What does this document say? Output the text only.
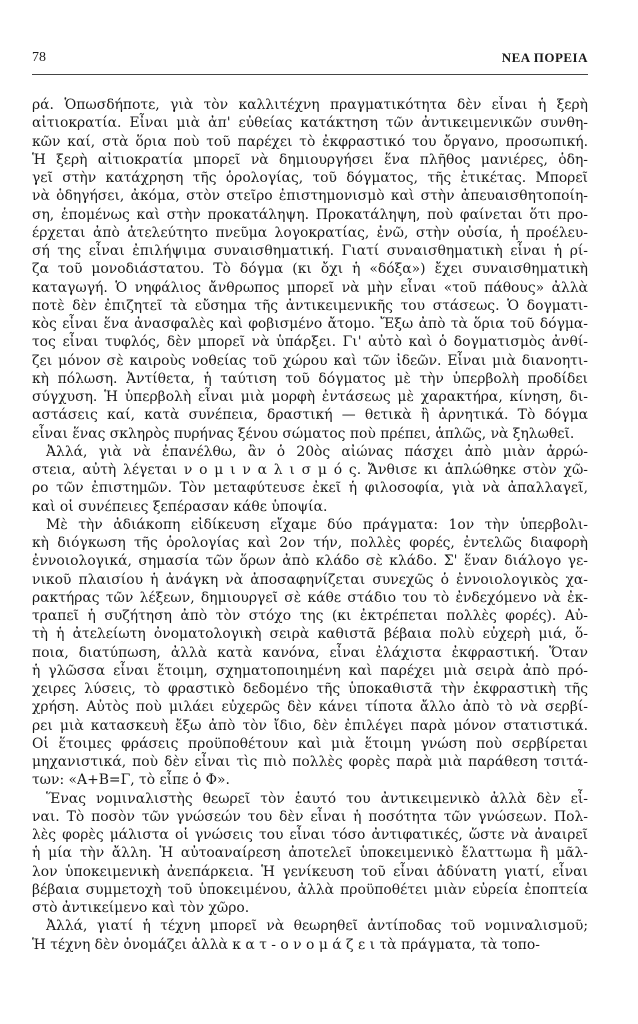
78	ΝΕΑ ΠΟΡΕΙΑ
ρά. Ὁπωσδήποτε, γιὰ τὸν καλλιτέχνη πραγματικότητα δὲν εἶναι ἡ ξερὴ
αἰτιοκρατία. Εἶναι μιὰ ἀπ' εὐθείας κατάκτηση τῶν ἀντικειμενικῶν συνθη-
κῶν καί, στὰ ὅρια ποὺ τοῦ παρέχει τὸ ἐκφραστικό του ὄργανο, προσωπική.
Ἡ ξερὴ αἰτιοκρατία μπορεῖ νὰ δημιουργήσει ἕνα πλῆθος μανιέρες, ὁδη-
γεῖ στὴν κατάχρηση τῆς ὁρολογίας, τοῦ δόγματος, τῆς ἐτικέτας. Μπορεῖ
νὰ ὁδηγήσει, ἀκόμα, στὸν στεῖρο ἐπιστημονισμὸ καὶ στὴν ἀπευαισθητοποίη-
ση, ἑπομένως καὶ στὴν προκατάληψη. Προκατάληψη, ποὺ φαίνεται ὅτι προ-
έρχεται ἀπὸ ἀτελεύτητο πνεῦμα λογοκρατίας, ἐνῶ, στὴν οὐσία, ἡ προέλευ-
σή της εἶναι ἐπιλήψιμα συναισθηματική. Γιατί συναισθηματικὴ εἶναι ἡ ρί-
ζα τοῦ μονοδιάστατου. Τὸ δόγμα (κι ὄχι ἡ «δόξα») ἔχει συναισθηματικὴ
καταγωγή. Ὁ νηφάλιος ἄνθρωπος μπορεῖ νὰ μὴν εἶναι «τοῦ πάθους» ἀλλὰ
ποτὲ δὲν ἐπιζητεῖ τὰ εὔσημα τῆς ἀντικειμενικῆς του στάσεως. Ὁ δογματι-
κὸς εἶναι ἕνα ἀνασφαλὲς καὶ φοβισμένο ἄτομο. Ἔξω ἀπὸ τὰ ὅρια τοῦ δόγμα-
τος εἶναι τυφλός, δὲν μπορεῖ νὰ ὑπάρξει. Γι' αὐτὸ καὶ ὁ δογματισμὸς ἀνθί-
ζει μόνον σὲ καιροὺς νοθείας τοῦ χώρου καὶ τῶν ἰδεῶν. Εἶναι μιὰ διανοητι-
κὴ πόλωση. Ἀντίθετα, ἡ ταύτιση τοῦ δόγματος μὲ τὴν ὑπερβολὴ προδίδει
σύγχυση. Ἡ ὑπερβολὴ εἶναι μιὰ μορφὴ ἐντάσεως μὲ χαρακτήρα, κίνηση, δι-
αστάσεις καί, κατὰ συνέπεια, δραστική — θετικὰ ἢ ἀρνητικά. Τὸ δόγμα
εἶναι ἕνας σκληρὸς πυρήνας ξένου σώματος ποὺ πρέπει, ἁπλῶς, νὰ ξηλωθεῖ.
Ἀλλά, γιὰ νὰ ἐπανέλθω, ἂν ὁ 20ὸς αἰώνας πάσχει ἀπὸ μιὰν ἀρρώ-
στεια, αὐτὴ λέγεται ν ο μ ι ν α λ ι σ μ ό ς. Ἄνθισε κι ἁπλώθηκε στὸν χῶ-
ρο τῶν ἐπιστημῶν. Τὸν μεταφύτευσε ἐκεῖ ἡ φιλοσοφία, γιὰ νὰ ἀπαλλαγεῖ,
καὶ οἱ συνέπειες ξεπέρασαν κάθε ὑποψία.
Μὲ τὴν ἀδιάκοπη εἰδίκευση εἴχαμε δύο πράγματα: 1ον τὴν ὑπερβολι-
κὴ διόγκωση τῆς ὁρολογίας καὶ 2ον τήν, πολλὲς φορές, ἐντελῶς διαφορὴ
ἐννοιολογικά, σημασία τῶν ὅρων ἀπὸ κλάδο σὲ κλάδο. Σ' ἕναν διάλογο γε-
νικοῦ πλαισίου ἡ ἀνάγκη νὰ ἀποσαφηνίζεται συνεχῶς ὁ ἐννοιολογικὸς χα-
ρακτήρας τῶν λέξεων, δημιουργεῖ σὲ κάθε στάδιο του τὸ ἐνδεχόμενο νὰ ἐκ-
τραπεῖ ἡ συζήτηση ἀπὸ τὸν στόχο της (κι ἐκτρέπεται πολλὲς φορές). Αὐ-
τὴ ἡ ἀτελείωτη ὀνοματολογικὴ σειρὰ καθιστᾶ βέβαια πολὺ εὐχερὴ μιά, ὅ-
ποια, διατύπωση, ἀλλὰ κατὰ κανόνα, εἶναι ἐλάχιστα ἐκφραστική. Ὅταν
ἡ γλῶσσα εἶναι ἕτοιμη, σχηματοποιημένη καὶ παρέχει μιὰ σειρὰ ἀπὸ πρό-
χειρες λύσεις, τὸ φραστικὸ δεδομένο τῆς ὑποκαθιστᾶ τὴν ἐκφραστικὴ τῆς
χρήση. Αὐτὸς ποὺ μιλάει εὐχερῶς δὲν κάνει τίποτα ἄλλο ἀπὸ τὸ νὰ σερβί-
ρει μιὰ κατασκευὴ ἔξω ἀπὸ τὸν ἴδιο, δὲν ἐπιλέγει παρὰ μόνον στατιστικά.
Οἱ ἕτοιμες φράσεις προϋποθέτουν καὶ μιὰ ἕτοιμη γνώση ποὺ σερβίρεται
μηχανιστικά, ποὺ δὲν εἶναι τὶς πιὸ πολλὲς φορὲς παρὰ μιὰ παράθεση τσιτά-
των: «Α+Β=Γ, τὸ εἶπε ὁ Φ».
Ἕνας νομιναλιστὴς θεωρεῖ τὸν ἑαυτό του ἀντικειμενικὸ ἀλλὰ δὲν εἶ-
ναι. Τὸ ποσὸν τῶν γνώσεών του δὲν εἶναι ἡ ποσότητα τῶν γνώσεων. Πολ-
λὲς φορὲς μάλιστα οἱ γνώσεις του εἶναι τόσο ἀντιφατικές, ὥστε νὰ ἀναιρεῖ
ἡ μία τὴν ἄλλη. Ἡ αὐτοαναίρεση ἀποτελεῖ ὑποκειμενικὸ ἔλαττωμα ἢ μᾶλ-
λον ὑποκειμενικὴ ἀνεπάρκεια. Ἡ γενίκευση τοῦ εἶναι ἀδύνατη γιατί, εἶναι
βέβαια συμμετοχὴ τοῦ ὑποκειμένου, ἀλλὰ προϋποθέτει μιὰν εὐρεία ἐποπτεία
στὸ ἀντικείμενο καὶ τὸν χῶρο.
Ἀλλά, γιατί ἡ τέχνη μπορεῖ νὰ θεωρηθεῖ ἀντίποδας τοῦ νομιναλισμοῦ;
Ἡ τέχνη δὲν ὀνομάζει ἀλλὰ κ α τ - ο ν ο μ ά ζ ε ι τὰ πράγματα, τὰ τοπο-
